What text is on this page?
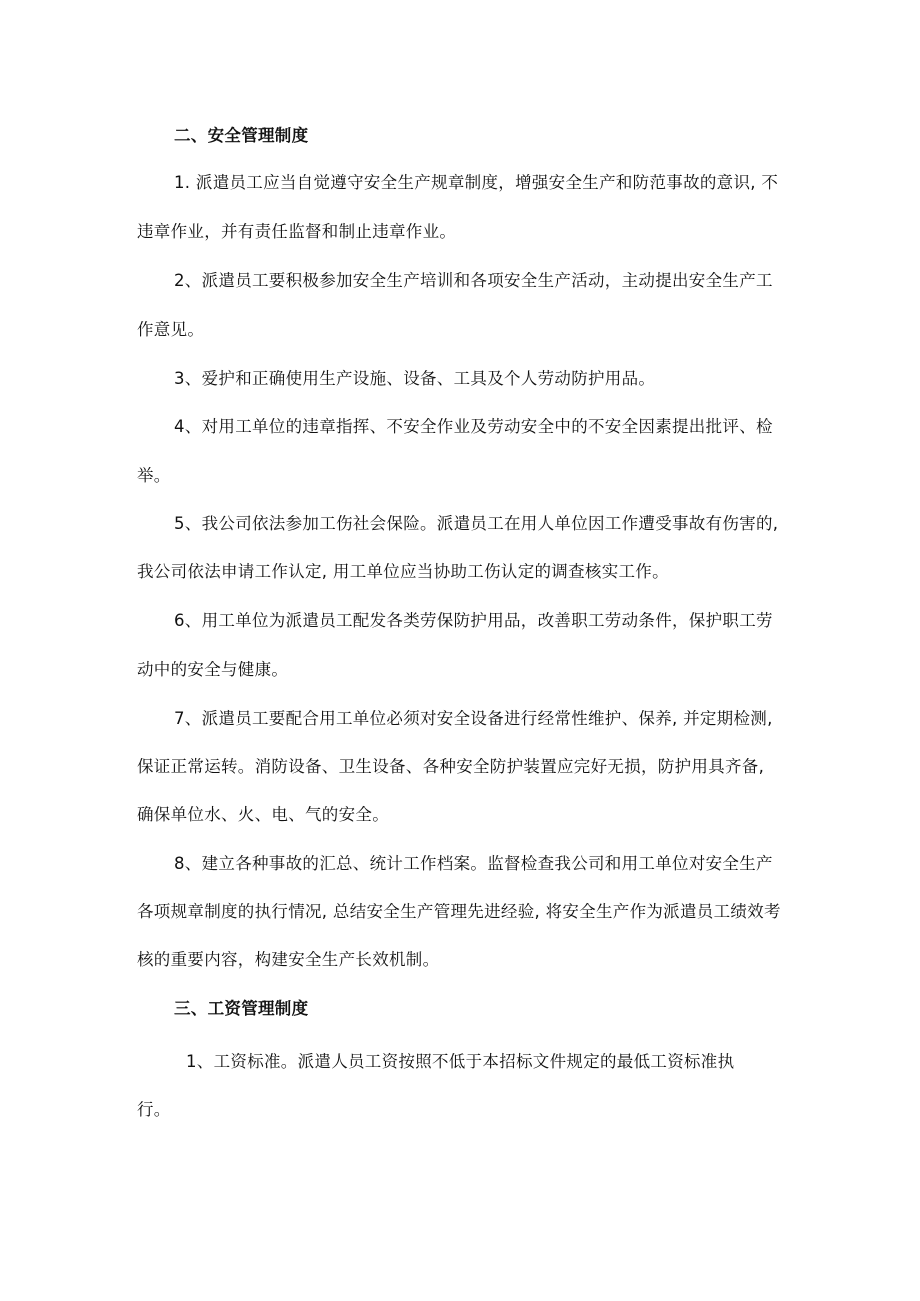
二、安全管理制度
1. 派遣员工应当自觉遵守安全生产规章制度，增强安全生产和防范事故的意识, 不
违章作业，并有责任监督和制止违章作业。
2、派遣员工要积极参加安全生产培训和各项安全生产活动，主动提出安全生产工
作意见。
3、爱护和正确使用生产设施、设备、工具及个人劳动防护用品。
4、对用工单位的违章指挥、不安全作业及劳动安全中的不安全因素提出批评、检
举。
5、我公司依法参加工伤社会保险。派遣员工在用人单位因工作遭受事故有伤害的,
我公司依法申请工作认定, 用工单位应当协助工伤认定的调查核实工作。
6、用工单位为派遣员工配发各类劳保防护用品，改善职工劳动条件，保护职工劳
动中的安全与健康。
7、派遣员工要配合用工单位必须对安全设备进行经常性维护、保养, 并定期检测,
保证正常运转。消防设备、卫生设备、各种安全防护装置应完好无损，防护用具齐备,
确保单位水、火、电、气的安全。
8、建立各种事故的汇总、统计工作档案。监督检查我公司和用工单位对安全生产
各项规章制度的执行情况, 总结安全生产管理先进经验, 将安全生产作为派遣员工绩效考
核的重要内容，构建安全生产长效机制。
三、工资管理制度
1、工资标准。派遣人员工资按照不低于本招标文件规定的最低工资标准执
行。
